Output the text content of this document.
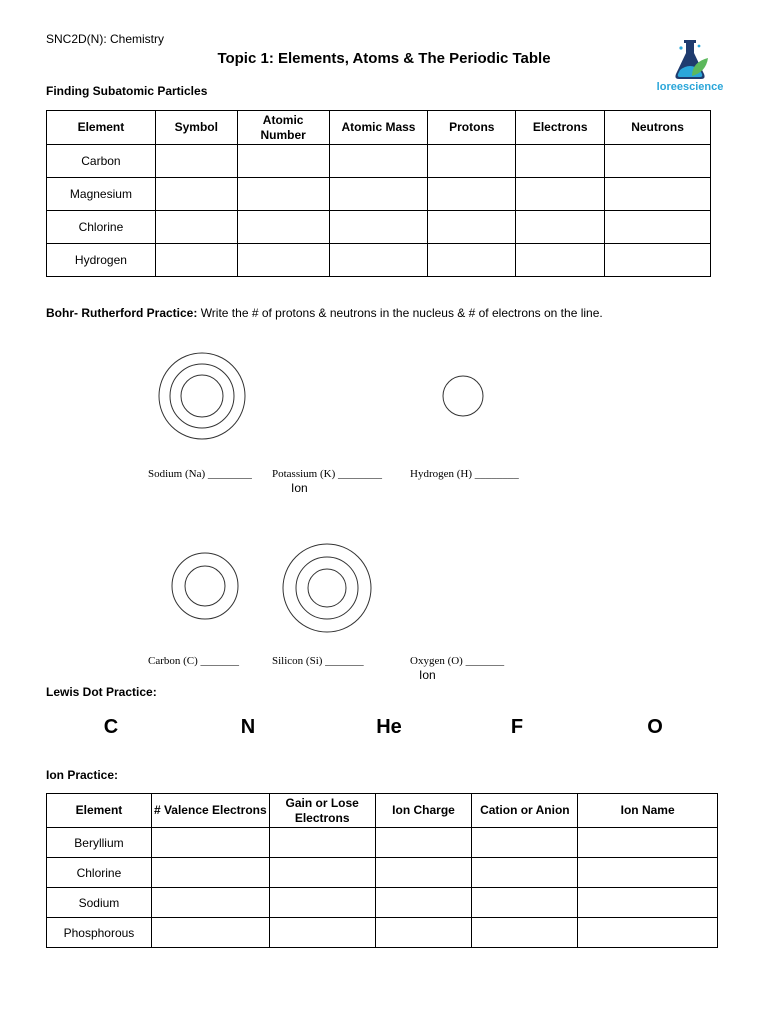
SNC2D(N): Chemistry
Topic 1: Elements, Atoms & The Periodic Table
loreescience
Finding Subatomic Particles
Element	Symbol	Atomic Number	Atomic Mass	Protons	Electrons	Neutrons
Carbon						
Magnesium						
Chlorine						
Hydrogen						
Bohr- Rutherford Practice: Write the # of protons & neutrons in the nucleus & # of electrons on the line.
Sodium (Na) ________ Potassium (K) ________	Hydrogen (H) ________
Ion
Carbon (C) _______	Silicon (Si) _______	Oxygen (O) _______
Ion
Lewis Dot Practice:
C	N	He	F	O
Ion Practice:
Element	# Valence Electrons	Gain or Lose Electrons	Ion Charge	Cation or Anion	Ion Name
Beryllium					
Chlorine					
Sodium					
Phosphorous					
